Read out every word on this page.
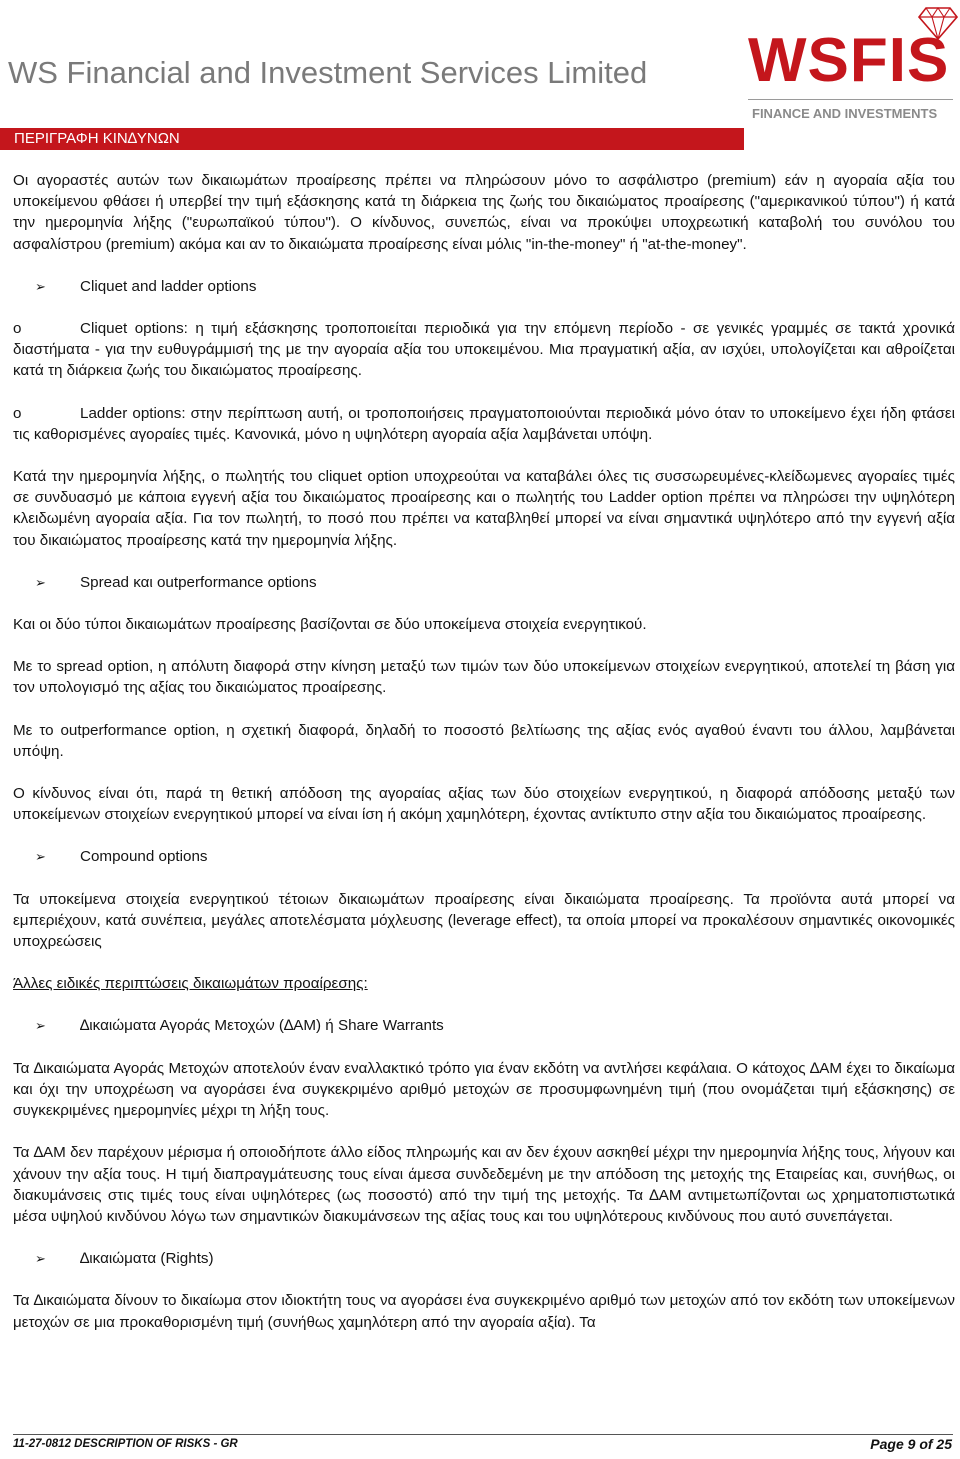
WS Financial and Investment Services Limited WSFIS
FINANCE AND INVESTMENTS
ΠΕΡΙΓΡΑΦΗ ΚΙΝ∆ΥΝΩΝ

Οι αγοραστές αυτών των δικαιωμάτων προαίρεσης πρέπει να πληρώσουν μόνο το ασφάλιστρο (premium) εάν η αγοραία αξία του υποκείμενου φθάσει ή υπερβεί την τιμή εξάσκησης κατά τη διάρκεια της ζωής του δικαιώματος προαίρεσης ("αμερικανικού τύπου") ή κατά την ημερομηνία λήξης ("ευρωπαϊκού τύπου"). Ο κίνδυνος, συνεπώς, είναι να προκύψει υποχρεωτική καταβολή του συνόλου του ασφαλίστρου (premium) ακόμα και αν το δικαιώματα προαίρεσης είναι μόλις "in-the-money" ή "at-the-money".

➢	Cliquet and ladder options

o	Cliquet options: η τιμή εξάσκησης τροποποιείται περιοδικά για την επόμενη περίοδο - σε γενικές γραμμές σε τακτά χρονικά διαστήματα - για την ευθυγράμμισή της με την αγοραία αξία του υποκειμένου. Μια πραγματική αξία, αν ισχύει, υπολογίζεται και αθροίζεται κατά τη διάρκεια ζωής του δικαιώματος προαίρεσης.

o	Ladder options: στην περίπτωση αυτή, οι τροποποιήσεις πραγματοποιούνται περιοδικά μόνο όταν το υποκείμενο έχει ήδη φτάσει τις καθορισμένες αγοραίες τιμές. Κανονικά, μόνο η υψηλότερη αγοραία αξία λαμβάνεται υπόψη.

Κατά την ημερομηνία λήξης, ο πωλητής του cliquet option υποχρεούται να καταβάλει όλες τις συσσωρευμένες-κλείδωμενες αγοραίες τιμές σε συνδυασμό με κάποια εγγενή αξία του δικαιώματος προαίρεσης και ο πωλητής του Ladder option πρέπει να πληρώσει την υψηλότερη κλειδωμένη αγοραία αξία. Για τον πωλητή, το ποσό που πρέπει να καταβληθεί μπορεί να είναι σημαντικά υψηλότερο από την εγγενή αξία του δικαιώματος προαίρεσης κατά την ημερομηνία λήξης.

➢	Spread και outperformance options

Και οι δύο τύποι δικαιωμάτων προαίρεσης βασίζονται σε δύο υποκείμενα στοιχεία ενεργητικού.

Με το spread option, η απόλυτη διαφορά στην κίνηση μεταξύ των τιμών των δύο υποκείμενων στοιχείων ενεργητικού, αποτελεί τη βάση για τον υπολογισμό της αξίας του δικαιώματος προαίρεσης.

Με το outperformance option, η σχετική διαφορά, δηλαδή το ποσοστό βελτίωσης της αξίας ενός αγαθού έναντι του άλλου, λαμβάνεται υπόψη.

Ο κίνδυνος είναι ότι, παρά τη θετική απόδοση της αγοραίας αξίας των δύο στοιχείων ενεργητικού, η διαφορά απόδοσης μεταξύ των υποκείμενων στοιχείων ενεργητικού μπορεί να είναι ίση ή ακόμη χαμηλότερη, έχοντας αντίκτυπο στην αξία του δικαιώματος προαίρεσης.

➢	Compound options

Τα υποκείμενα στοιχεία ενεργητικού τέτοιων δικαιωμάτων προαίρεσης είναι δικαιώματα προαίρεσης. Τα προϊόντα αυτά μπορεί να εμπεριέχουν, κατά συνέπεια, μεγάλες αποτελέσματα μόχλευσης (leverage effect), τα οποία μπορεί να προκαλέσουν σημαντικές οικονομικές υποχρεώσεις

Άλλες ειδικές περιπτώσεις δικαιωμάτων προαίρεσης:

➢	∆ικαιώματα Αγοράς Μετοχών (∆ΑΜ) ή Share Warrants

Τα ∆ικαιώματα Αγοράς Μετοχών αποτελούν έναν εναλλακτικό τρόπο για έναν εκδότη να αντλήσει κεφάλαια. Ο κάτοχος ∆ΑΜ έχει το δικαίωμα και όχι την υποχρέωση να αγοράσει ένα συγκεκριμένο αριθμό μετοχών σε προσυμφωνημένη τιμή (που ονομάζεται τιμή εξάσκησης) σε συγκεκριμένες ημερομηνίες μέχρι τη λήξη τους.

Τα ∆ΑΜ δεν παρέχουν μέρισμα ή οποιοδήποτε άλλο είδος πληρωμής και αν δεν έχουν ασκηθεί μέχρι την ημερομηνία λήξης τους, λήγουν και χάνουν την αξία τους. Η τιμή διαπραγμάτευσης τους είναι άμεσα συνδεδεμένη με την απόδοση της μετοχής της Εταιρείας και, συνήθως, οι διακυμάνσεις στις τιμές τους είναι υψηλότερες (ως ποσοστό) από την τιμή της μετοχής. Τα ∆ΑΜ αντιμετωπίζονται ως χρηματοπιστωτικά μέσα υψηλού κινδύνου λόγω των σημαντικών διακυμάνσεων της αξίας τους και του υψηλότερους κινδύνους που αυτό συνεπάγεται.

➢	∆ικαιώματα (Rights)

Τα ∆ικαιώματα δίνουν το δικαίωμα στον ιδιοκτήτη τους να αγοράσει ένα συγκεκριμένο αριθμό των μετοχών από τον εκδότη των υποκείμενων μετοχών σε μια προκαθορισμένη τιμή (συνήθως χαμηλότερη από την αγοραία αξία). Τα

11-27-0812 DESCRIPTION OF RISKS - GR	Page 9 of 25
